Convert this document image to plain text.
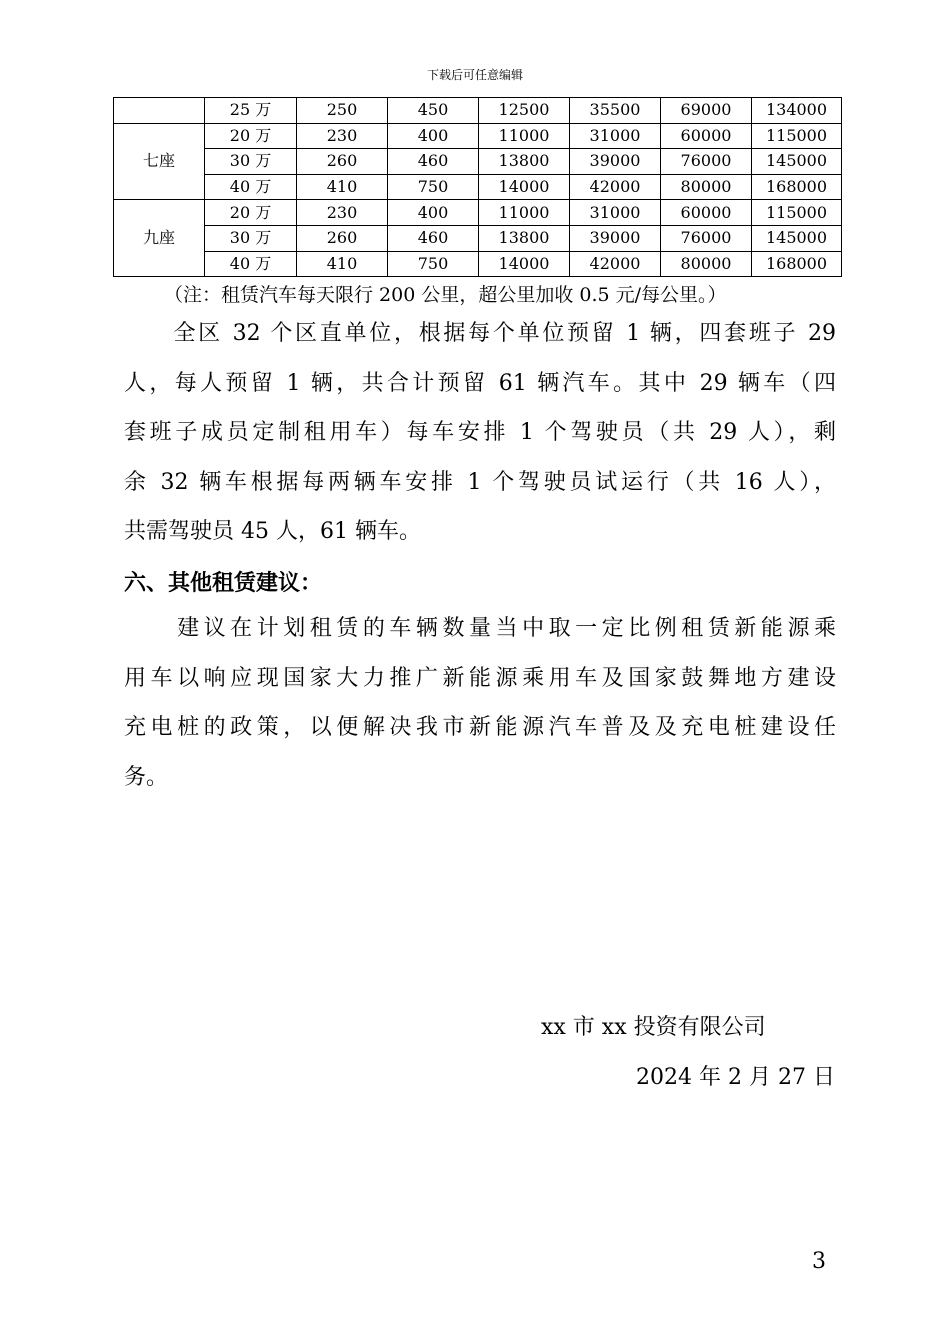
下载后可任意编辑
	25 万	250	450	12500	35500	69000	134000
七座	20 万	230	400	11000	31000	60000	115000
	30 万	260	460	13800	39000	76000	145000
	40 万	410	750	14000	42000	80000	168000
九座	20 万	230	400	11000	31000	60000	115000
	30 万	260	460	13800	39000	76000	145000
	40 万	410	750	14000	42000	80000	168000
（注：租赁汽车每天限行 200 公里，超公里加收 0.5 元/每公里。）
　　全区 32 个区直单位，根据每个单位预留 1 辆，四套班子 29
人，每人预留 1 辆，共合计预留 61 辆汽车。其中 29 辆车（四
套班子成员定制租用车）每车安排 1 个驾驶员（共 29 人），剩
余 32 辆车根据每两辆车安排 1 个驾驶员试运行（共 16 人），
共需驾驶员 45 人，61 辆车。
六、其他租赁建议：
　　建议在计划租赁的车辆数量当中取一定比例租赁新能源乘
用车以响应现国家大力推广新能源乘用车及国家鼓舞地方建设
充电桩的政策，以便解决我市新能源汽车普及及充电桩建设任
务。
xx 市 xx 投资有限公司
2024 年 2 月 27 日
3
